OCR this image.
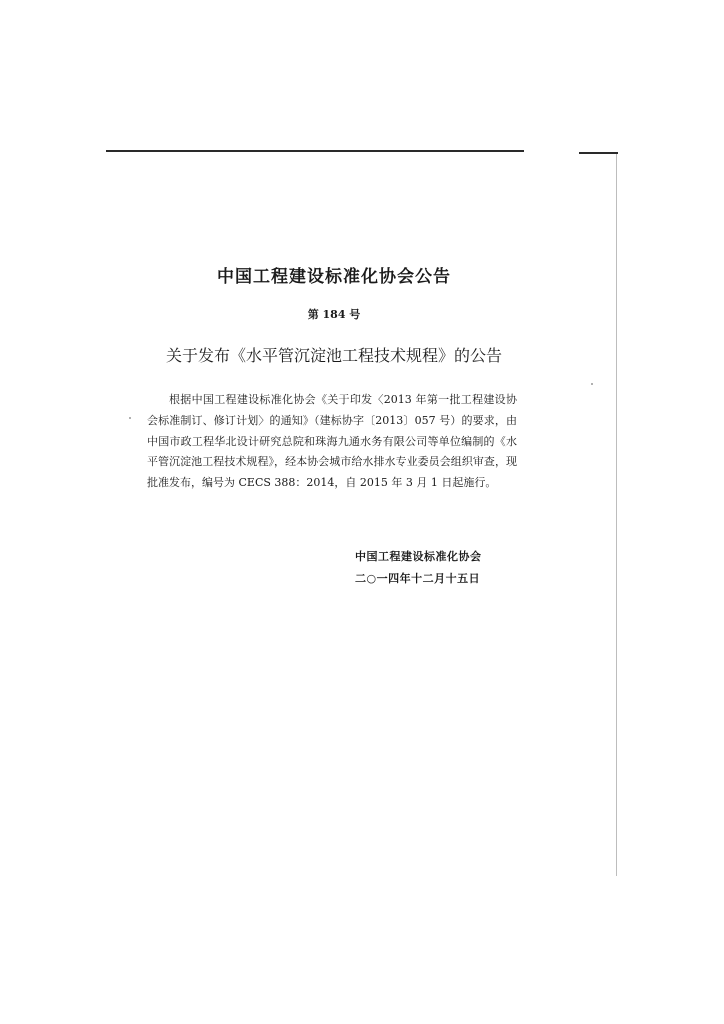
中国工程建设标准化协会公告
第 184 号
关于发布《水平管沉淀池工程技术规程》的公告
根据中国工程建设标准化协会《关于印发〈2013 年第一批工程建设协会标准制订、修订计划〉的通知》（建标协字〔2013〕057 号）的要求，由中国市政工程华北设计研究总院和珠海九通水务有限公司等单位编制的《水平管沉淀池工程技术规程》，经本协会城市给水排水专业委员会组织审查，现批准发布，编号为 CECS 388：2014，自 2015 年 3 月 1 日起施行。
中国工程建设标准化协会
二○一四年十二月十五日
